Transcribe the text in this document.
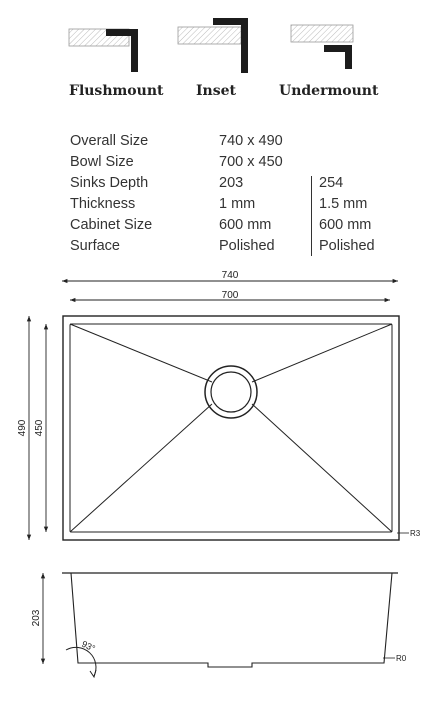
Flushmount Inset	Undermount
Overall Size	740 x 490
Bowl Size	700 x 450
Sinks Depth	203	254
Thickness	1 mm	1.5 mm
Cabinet Size	600 mm	600 mm
Surface	Polished	Polished
740
700
490 450
R3
R0
203
93°
